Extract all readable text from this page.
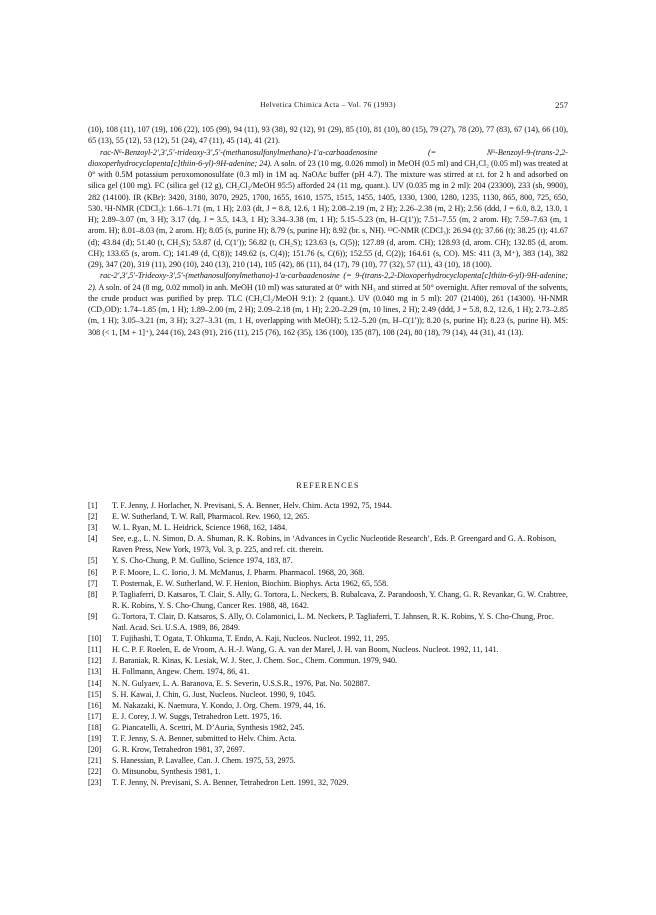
Helvetica Chimica Acta – Vol. 76 (1993)	257

(10), 108 (11), 107 (19), 106 (22), 105 (99), 94 (11), 93 (38), 92 (12), 91 (29), 85 (10), 81 (10), 80 (15), 79 (27), 78 (20), 77 (83), 67 (14), 66 (10), 65 (13), 55 (12), 53 (12), 51 (24), 47 (11), 45 (14), 41 (21).

rac-N⁶-Benzoyl-2′,3′,5′-trideoxy-3′,5′-(methanosulfonylmethano)-1′a-carbaadenosine (= N⁶-Benzoyl-9-(trans-2,2-dioxoperhydrocyclopenta[c]thiin-6-yl)-9H-adenine; 24). A soln. of 23 (10 mg, 0.026 mmol) in MeOH (0.5 ml) and CH₂Cl₂ (0.05 ml) was treated at 0° with 0.5M potassium peroxomonosulfate (0.3 ml) in 1M aq. NaOAc buffer (pH 4.7). The mixture was stirred at r.t. for 2 h and adsorbed on silica gel (100 mg). FC (silica gel (12 g), CH₂Cl₂/MeOH 95:5) afforded 24 (11 mg, quant.). UV (0.035 mg in 2 ml): 204 (23300), 233 (sh, 9900), 282 (14100). IR (KBr): 3420, 3180, 3070, 2925, 1700, 1655, 1610, 1575, 1515, 1455, 1405, 1330, 1300, 1280, 1235, 1130, 865, 800, 725, 650, 530. ¹H-NMR (CDCl₃): 1.66–1.71 (m, 1 H); 2.03 (dt, J = 8.8, 12.6, 1 H); 2.08–2.19 (m, 2 H); 2.26–2.38 (m, 2 H); 2.56 (ddd, J = 6.0, 8.2, 13.0, 1 H); 2.89–3.07 (m, 3 H); 3.17 (dq, J = 3.5, 14.3, 1 H); 3.34–3.38 (m, 1 H); 5.15–5.23 (m, H–C(1′)); 7.51–7.55 (m, 2 arom. H); 7.59–7.63 (m, 1 arom. H); 8.01–8.03 (m, 2 arom. H); 8.05 (s, purine H); 8.79 (s, purine H); 8.92 (br. s, NH). ¹³C-NMR (CDCl₃): 26.94 (t); 37.66 (t); 38.25 (t); 41.67 (d); 43.84 (d); 51.40 (t, CH₂S); 53.87 (d, C(1′)); 56.82 (t, CH₂S); 123.63 (s, C(5)); 127.89 (d, arom. CH); 128.93 (d, arom. CH); 132.85 (d, arom. CH); 133.65 (s, arom. C); 141.49 (d, C(8)); 149.62 (s, C(4)); 151.76 (s, C(6)); 152.55 (d, C(2)); 164.61 (s, CO). MS: 411 (3, M⁺), 383 (14), 382 (29), 347 (20), 319 (11), 290 (10), 240 (13), 210 (14), 105 (42), 86 (11), 84 (17), 79 (10), 77 (32), 57 (11), 43 (10), 18 (100).

rac-2′,3′,5′-Trideoxy-3′,5′-(methanosulfonylmethano)-1′a-carbaadenosine (= 9-(trans-2,2-Dioxoperhydrocyclopenta[c]thiin-6-yl)-9H-adenine; 2). A soln. of 24 (8 mg, 0.02 mmol) in anh. MeOH (10 ml) was saturated at 0° with NH₃ and stirred at 50° overnight. After removal of the solvents, the crude product was purified by prep. TLC (CH₂Cl₂/MeOH 9:1): 2 (quant.). UV (0.040 mg in 5 ml): 207 (21400), 261 (14300). ¹H-NMR (CD₃OD): 1.74–1.85 (m, 1 H); 1.89–2.00 (m, 2 H); 2.09–2.18 (m, 1 H); 2.20–2.29 (m, 10 lines, 2 H); 2.49 (ddd, J = 5.8, 8.2, 12.6, 1 H); 2.73–2.85 (m, 1 H); 3.05–3.21 (m, 3 H); 3.27–3.31 (m, 1 H, overlapping with MeOH); 5.12–5.20 (m, H–C(1′)); 8.20 (s, purine H); 8.23 (s, purine H). MS: 308 (< 1, [M + 1]⁺), 244 (16), 243 (91), 216 (11), 215 (76), 162 (35), 136 (100), 135 (87), 108 (24), 80 (18), 79 (14), 44 (31), 41 (13).

REFERENCES
[1] T. F. Jenny, J. Horlacher, N. Previsani, S. A. Benner, Helv. Chim. Acta 1992, 75, 1944.
[2] E. W. Sutherland, T. W. Rall, Pharmacol. Rev. 1960, 12, 265.
[3] W. L. Ryan, M. L. Heidrick, Science 1968, 162, 1484.
[4] See, e.g., L. N. Simon, D. A. Shuman, R. K. Robins, in ‘Advances in Cyclic Nucleotide Research’, Eds. P. Greengard and G. A. Robison, Raven Press, New York, 1973, Vol. 3, p. 225, and ref. cit. therein.
[5] Y. S. Cho-Chung, P. M. Gullino, Science 1974, 183, 87.
[6] P. F. Moore, L. C. Iorio, J. M. McManus, J. Pharm. Pharmacol. 1968, 20, 368.
[7] T. Posternak, E. W. Sutherland, W. F. Henion, Biochim. Biophys. Acta 1962, 65, 558.
[8] P. Tagliaferri, D. Katsaros, T. Clair, S. Ally, G. Tortora, L. Neckers, B. Rubalcava, Z. Parandoosh, Y. Chang, G. R. Revankar, G. W. Crabtree, R. K. Robins, Y. S. Cho-Chung, Cancer Res. 1988, 48, 1642.
[9] G. Tortora, T. Clair, D. Katsaros, S. Ally, O. Colamonici, L. M. Neckers, P. Tagliaferri, T. Jahnsen, R. K. Robins, Y. S. Cho-Chung, Proc. Natl. Acad. Sci. U.S.A. 1989, 86, 2849.
[10] T. Fujihashi, T. Ogata, T. Ohkuma, T. Endo, A. Kaji, Nucleos. Nucleot. 1992, 11, 295.
[11] H. C. P. F. Roelen, E. de Vroom, A. H.-J. Wang, G. A. van der Marel, J. H. van Boom, Nucleos. Nucleot. 1992, 11, 141.
[12] J. Baraniak, R. Kinas, K. Lesiak, W. J. Stec, J. Chem. Soc., Chem. Commun. 1979, 940.
[13] H. Follmann, Angew. Chem. 1974, 86, 41.
[14] N. N. Gulyaev, L. A. Baranova, E. S. Severin, U.S.S.R., 1976, Pat. No. 502887.
[15] S. H. Kawai, J. Chin, G. Just, Nucleos. Nucleot. 1990, 9, 1045.
[16] M. Nakazaki, K. Naemura, Y. Kondo, J. Org. Chem. 1979, 44, 16.
[17] E. J. Corey, J. W. Suggs, Tetrahedron Lett. 1975, 16.
[18] G. Piancatelli, A. Scettri, M. D’Auria, Synthesis 1982, 245.
[19] T. F. Jenny, S. A. Benner, submitted to Helv. Chim. Acta.
[20] G. R. Krow, Tetrahedron 1981, 37, 2697.
[21] S. Hanessian, P. Lavallee, Can. J. Chem. 1975, 53, 2975.
[22] O. Mitsunobu, Synthesis 1981, 1.
[23] T. F. Jenny, N. Previsani, S. A. Benner, Tetrahedron Lett. 1991, 32, 7029.
